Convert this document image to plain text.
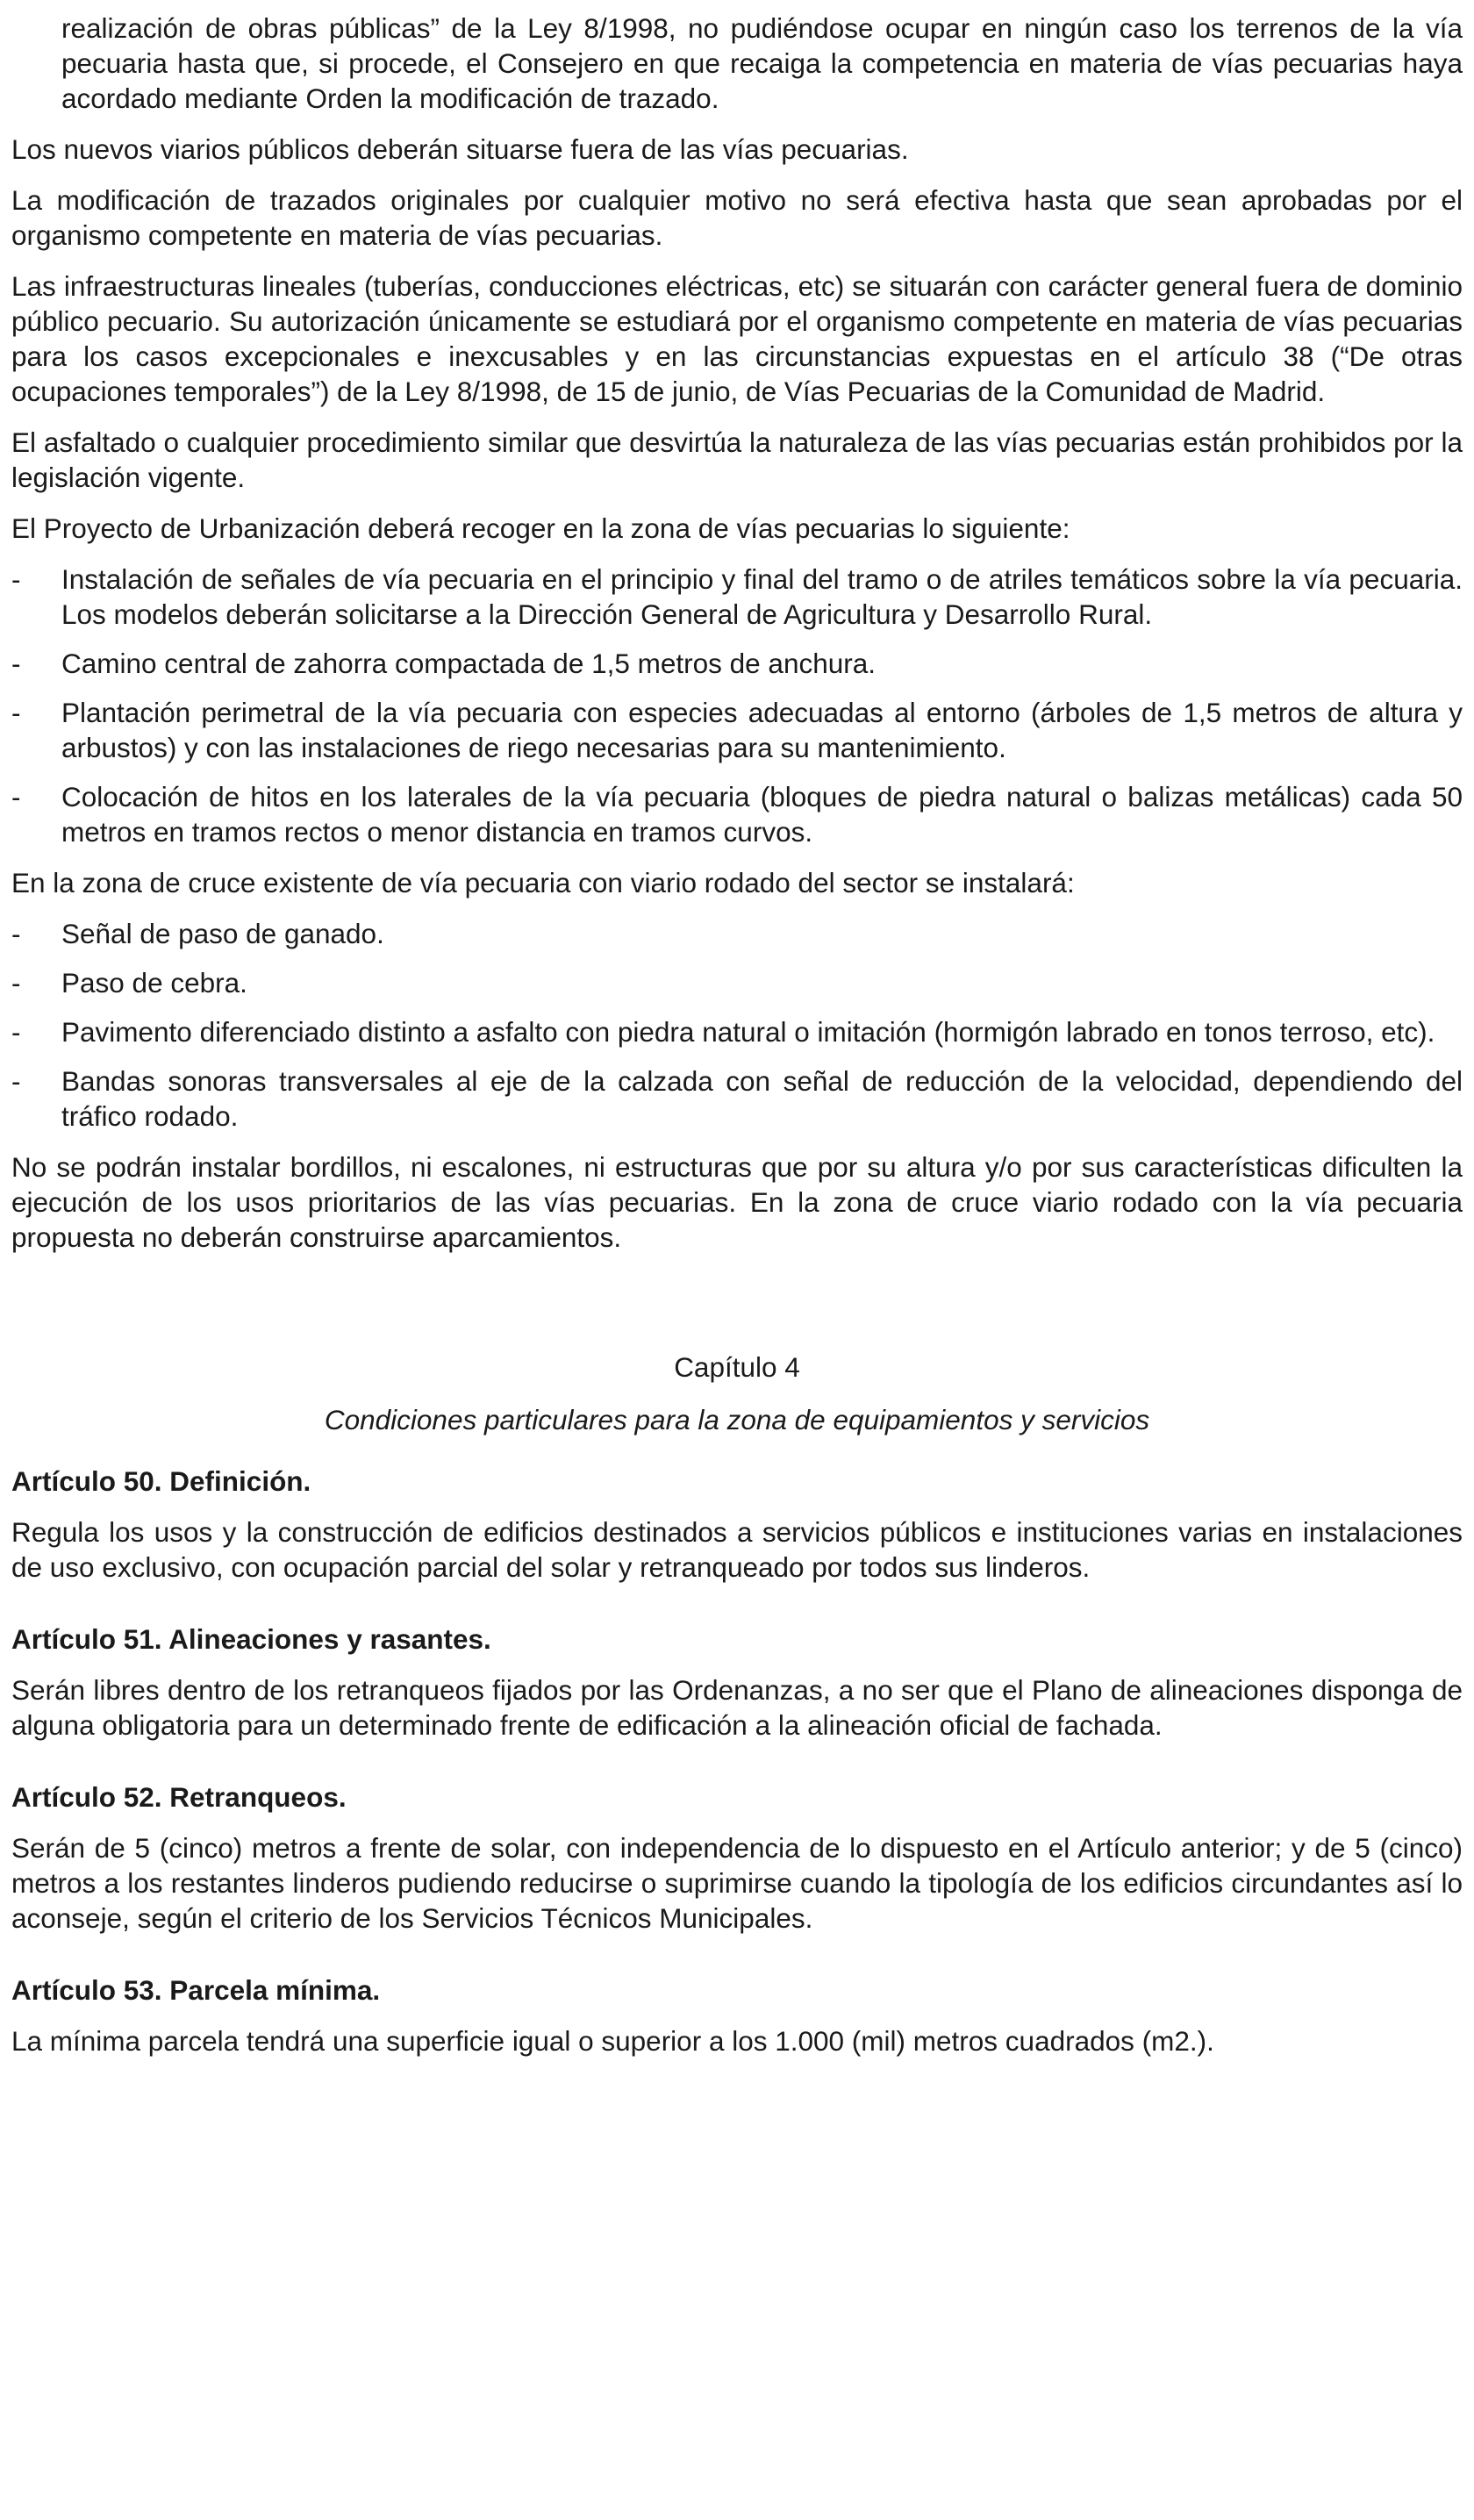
realización de obras públicas” de la Ley 8/1998, no pudiéndose ocupar en ningún caso los terrenos de la vía pecuaria hasta que, si procede, el Consejero en que recaiga la competencia en materia de vías pecuarias haya acordado mediante Orden la modificación de trazado.

Los nuevos viarios públicos deberán situarse fuera de las vías pecuarias.

La modificación de trazados originales por cualquier motivo no será efectiva hasta que sean aprobadas por el organismo competente en materia de vías pecuarias.

Las infraestructuras lineales (tuberías, conducciones eléctricas, etc) se situarán con carácter general fuera de dominio público pecuario. Su autorización únicamente se estudiará por el organismo competente en materia de vías pecuarias para los casos excepcionales e inexcusables y en las circunstancias expuestas en el artículo 38 (“De otras ocupaciones temporales”) de la Ley 8/1998, de 15 de junio, de Vías Pecuarias de la Comunidad de Madrid.

El asfaltado o cualquier procedimiento similar que desvirtúa la naturaleza de las vías pecuarias están prohibidos por la legislación vigente.

El Proyecto de Urbanización deberá recoger en la zona de vías pecuarias lo siguiente:

- Instalación de señales de vía pecuaria en el principio y final del tramo o de atriles temáticos sobre la vía pecuaria. Los modelos deberán solicitarse a la Dirección General de Agricultura y Desarrollo Rural.
- Camino central de zahorra compactada de 1,5 metros de anchura.
- Plantación perimetral de la vía pecuaria con especies adecuadas al entorno (árboles de 1,5 metros de altura y arbustos) y con las instalaciones de riego necesarias para su mantenimiento.
- Colocación de hitos en los laterales de la vía pecuaria (bloques de piedra natural o balizas metálicas) cada 50 metros en tramos rectos o menor distancia en tramos curvos.

En la zona de cruce existente de vía pecuaria con viario rodado del sector se instalará:

- Señal de paso de ganado.
- Paso de cebra.
- Pavimento diferenciado distinto a asfalto con piedra natural o imitación (hormigón labrado en tonos terroso, etc).
- Bandas sonoras transversales al eje de la calzada con señal de reducción de la velocidad, dependiendo del tráfico rodado.

No se podrán instalar bordillos, ni escalones, ni estructuras que por su altura y/o por sus características dificulten la ejecución de los usos prioritarios de las vías pecuarias. En la zona de cruce viario rodado con la vía pecuaria propuesta no deberán construirse aparcamientos.

Capítulo 4

Condiciones particulares para la zona de equipamientos y servicios

Artículo 50. Definición.

Regula los usos y la construcción de edificios destinados a servicios públicos e instituciones varias en instalaciones de uso exclusivo, con ocupación parcial del solar y retranqueado por todos sus linderos.

Artículo 51. Alineaciones y rasantes.

Serán libres dentro de los retranqueos fijados por las Ordenanzas, a no ser que el Plano de alineaciones disponga de alguna obligatoria para un determinado frente de edificación a la alineación oficial de fachada.

Artículo 52. Retranqueos.

Serán de 5 (cinco) metros a frente de solar, con independencia de lo dispuesto en el Artículo anterior; y de 5 (cinco) metros a los restantes linderos pudiendo reducirse o suprimirse cuando la tipología de los edificios circundantes así lo aconseje, según el criterio de los Servicios Técnicos Municipales.

Artículo 53. Parcela mínima.

La mínima parcela tendrá una superficie igual o superior a los 1.000 (mil) metros cuadrados (m2.).
